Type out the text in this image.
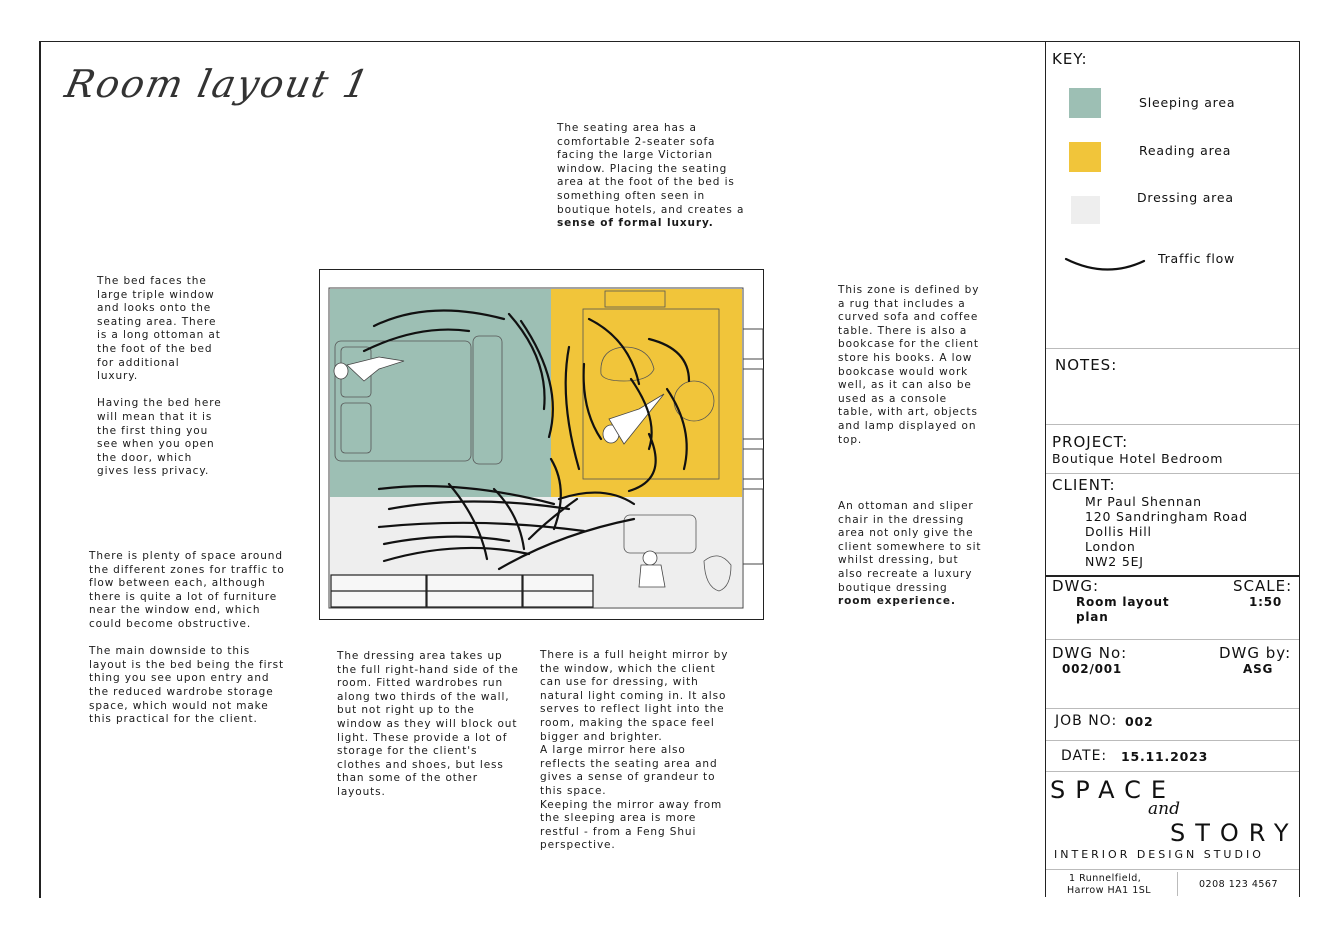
Room layout 1
The seating area has a
comfortable 2-seater sofa
facing the large Victorian
window. Placing the seating
area at the foot of the bed is
something often seen in
boutique hotels, and creates a
sense of formal luxury.
The bed faces the
large triple window
and looks onto the
seating area. There
is a long ottoman at
the foot of the bed
for additional
luxury.

Having the bed here
will mean that it is
the first thing you
see when you open
the door, which
gives less privacy.
There is plenty of space around
the different zones for traffic to
flow between each, although
there is quite a lot of furniture
near the window end, which
could become obstructive.

The main downside to this
layout is the bed being the first
thing you see upon entry and
the reduced wardrobe storage
space, which would not make
this practical for the client.
This zone is defined by
a rug that includes a
curved sofa and coffee
table. There is also a
bookcase for the client
store his books. A low
bookcase would work
well, as it can also be
used as a console
table, with art, objects
and lamp displayed on
top.
An ottoman and sliper
chair in the dressing
area not only give the
client somewhere to sit
whilst dressing, but
also recreate a luxury
boutique dressing
room experience.
The dressing area takes up
the full right-hand side of the
room. Fitted wardrobes run
along two thirds of the wall,
but not right up to the
window as they will block out
light. These provide a lot of
storage for the client's
clothes and shoes, but less
than some of the other
layouts.
There is a full height mirror by
the window, which the client
can use for dressing, with
natural light coming in. It also
serves to reflect light into the
room, making the space feel
bigger and brighter.
A large mirror here also
reflects the seating area and
gives a sense of grandeur to
this space.
Keeping the mirror away from
the sleeping area is more
restful - from a Feng Shui
perspective.
KEY:
Sleeping area
Reading area
Dressing area
Traffic flow
NOTES:
PROJECT:
Boutique Hotel Bedroom
CLIENT:
Mr Paul Shennan
120 Sandringham Road
Dollis Hill
London
NW2 5EJ
DWG:
Room layout
plan
SCALE:
1:50
DWG No:
002/001
DWG by:
ASG
JOB NO: 002
DATE: 15.11.2023
SPACE
and
STORY
INTERIOR DESIGN STUDIO
1 Runnelfield,
Harrow HA1 1SL
0208 123 4567
